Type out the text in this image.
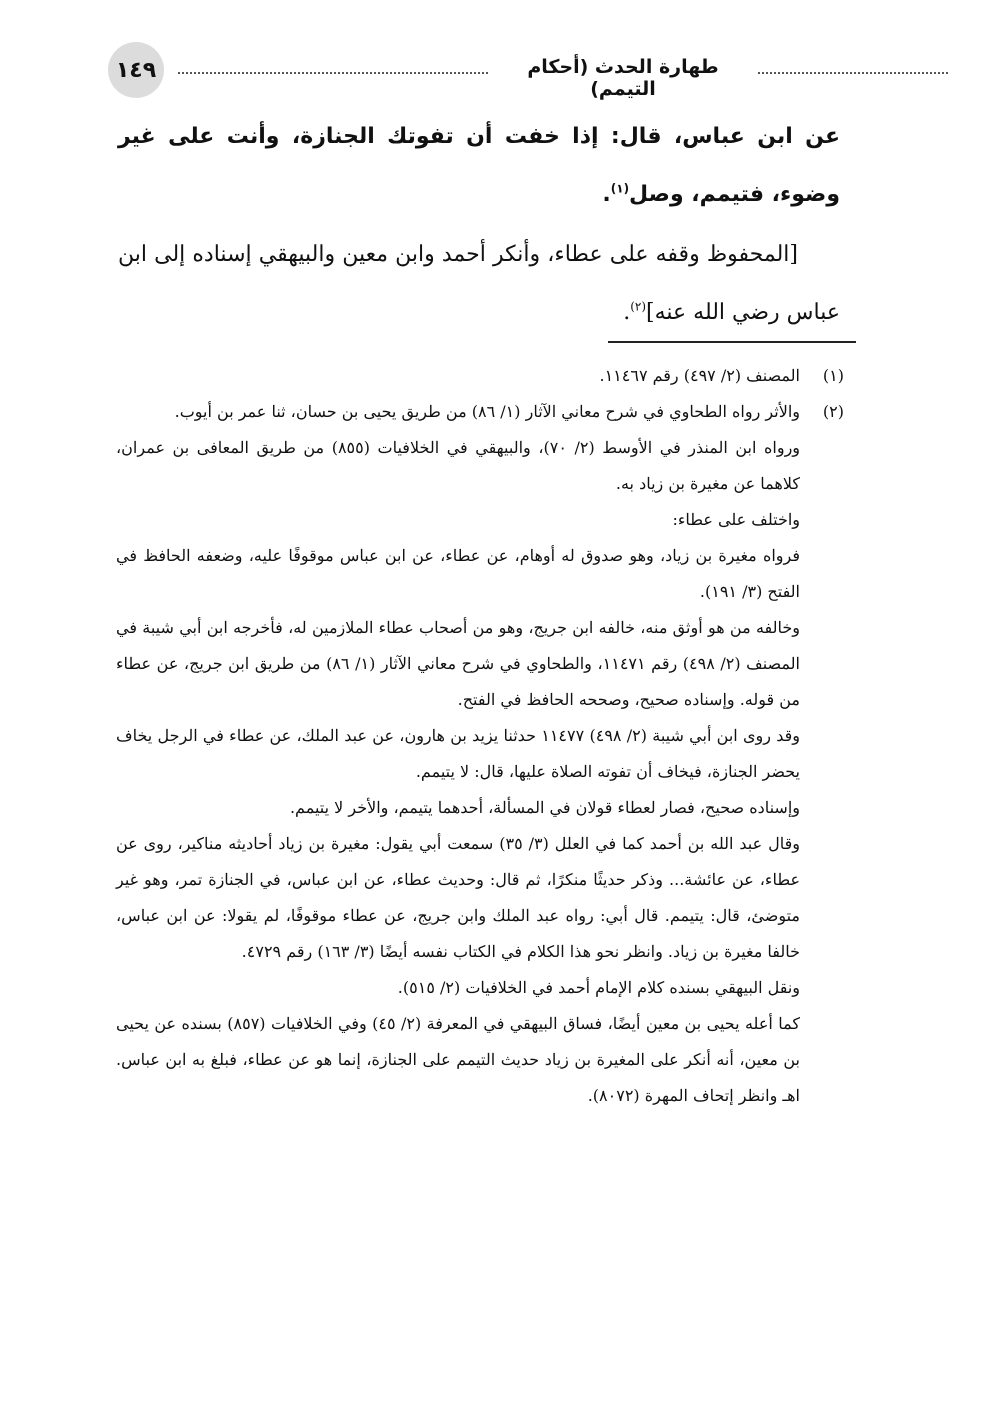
١٤٩	طهارة الحدث (أحكام التيمم)

عن ابن عباس، قال: إذا خفت أن تفوتك الجنازة، وأنت على غير وضوء، فتيمم، وصل$^{(١)}$.

[المحفوظ وقفه على عطاء، وأنكر أحمد وابن معين والبيهقي إسناده إلى ابن عباس رضي الله عنه]$^{(٢)}$.

(١)
المصنف (٢/ ٤٩٧) رقم ١١٤٦٧.

(٢)
والأثر رواه الطحاوي في شرح معاني الآثار (١/ ٨٦) من طريق يحيى بن حسان، ثنا عمر بن أيوب.

ورواه ابن المنذر في الأوسط (٢/ ٧٠)، والبيهقي في الخلافيات (٨٥٥) من طريق المعافى بن عمران، كلاهما عن مغيرة بن زياد به.

واختلف على عطاء:

فرواه مغيرة بن زياد، وهو صدوق له أوهام، عن عطاء، عن ابن عباس موقوفًا عليه، وضعفه الحافظ في الفتح (٣/ ١٩١).

وخالفه من هو أوثق منه، خالفه ابن جريج، وهو من أصحاب عطاء الملازمين له، فأخرجه ابن أبي شيبة في المصنف (٢/ ٤٩٨) رقم ١١٤٧١، والطحاوي في شرح معاني الآثار (١/ ٨٦) من طريق ابن جريج، عن عطاء من قوله. وإسناده صحيح، وصححه الحافظ في الفتح.

وقد روى ابن أبي شيبة (٢/ ٤٩٨) ١١٤٧٧ حدثنا يزيد بن هارون، عن عبد الملك، عن عطاء في الرجل يخاف يحضر الجنازة، فيخاف أن تفوته الصلاة عليها، قال: لا يتيمم.

وإسناده صحيح، فصار لعطاء قولان في المسألة، أحدهما يتيمم، والأخر لا يتيمم.

وقال عبد الله بن أحمد كما في العلل (٣/ ٣٥) سمعت أبي يقول: مغيرة بن زياد أحاديثه مناكير، روى عن عطاء، عن عائشة... وذكر حديثًا منكرًا، ثم قال: وحديث عطاء، عن ابن عباس، في الجنازة تمر، وهو غير متوضئ، قال: يتيمم. قال أبي: رواه عبد الملك وابن جريج، عن عطاء موقوفًا، لم يقولا: عن ابن عباس، خالفا مغيرة بن زياد. وانظر نحو هذا الكلام في الكتاب نفسه أيضًا (٣/ ١٦٣) رقم ٤٧٢٩.

ونقل البيهقي بسنده كلام الإمام أحمد في الخلافيات (٢/ ٥١٥).

كما أعله يحيى بن معين أيضًا، فساق البيهقي في المعرفة (٢/ ٤٥) وفي الخلافيات (٨٥٧) بسنده عن يحيى بن معين، أنه أنكر على المغيرة بن زياد حديث التيمم على الجنازة، إنما هو عن عطاء، فبلغ به ابن عباس. اهـ وانظر إتحاف المهرة (٨٠٧٢).
